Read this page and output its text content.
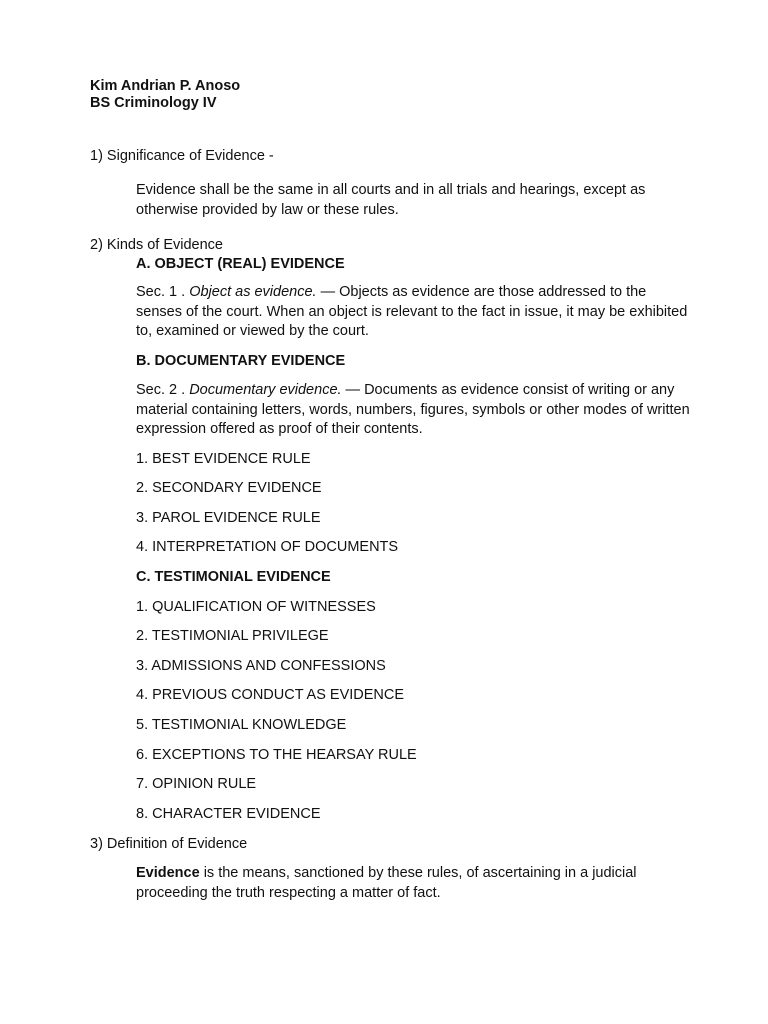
Kim Andrian P. Anoso
BS Criminology IV
1) Significance of Evidence -
Evidence shall be the same in all courts and in all trials and hearings, except as otherwise provided by law or these rules.
2) Kinds of Evidence
A. OBJECT (REAL) EVIDENCE
Sec. 1 . Object as evidence. — Objects as evidence are those addressed to the senses of the court. When an object is relevant to the fact in issue, it may be exhibited to, examined or viewed by the court.
B. DOCUMENTARY EVIDENCE
Sec. 2 . Documentary evidence. — Documents as evidence consist of writing or any material containing letters, words, numbers, figures, symbols or other modes of written expression offered as proof of their contents.
1. BEST EVIDENCE RULE
2. SECONDARY EVIDENCE
3. PAROL EVIDENCE RULE
4. INTERPRETATION OF DOCUMENTS
C. TESTIMONIAL EVIDENCE
1. QUALIFICATION OF WITNESSES
2. TESTIMONIAL PRIVILEGE
3. ADMISSIONS AND CONFESSIONS
4. PREVIOUS CONDUCT AS EVIDENCE
5. TESTIMONIAL KNOWLEDGE
6. EXCEPTIONS TO THE HEARSAY RULE
7. OPINION RULE
8. CHARACTER EVIDENCE
3) Definition of Evidence
Evidence is the means, sanctioned by these rules, of ascertaining in a judicial proceeding the truth respecting a matter of fact.
